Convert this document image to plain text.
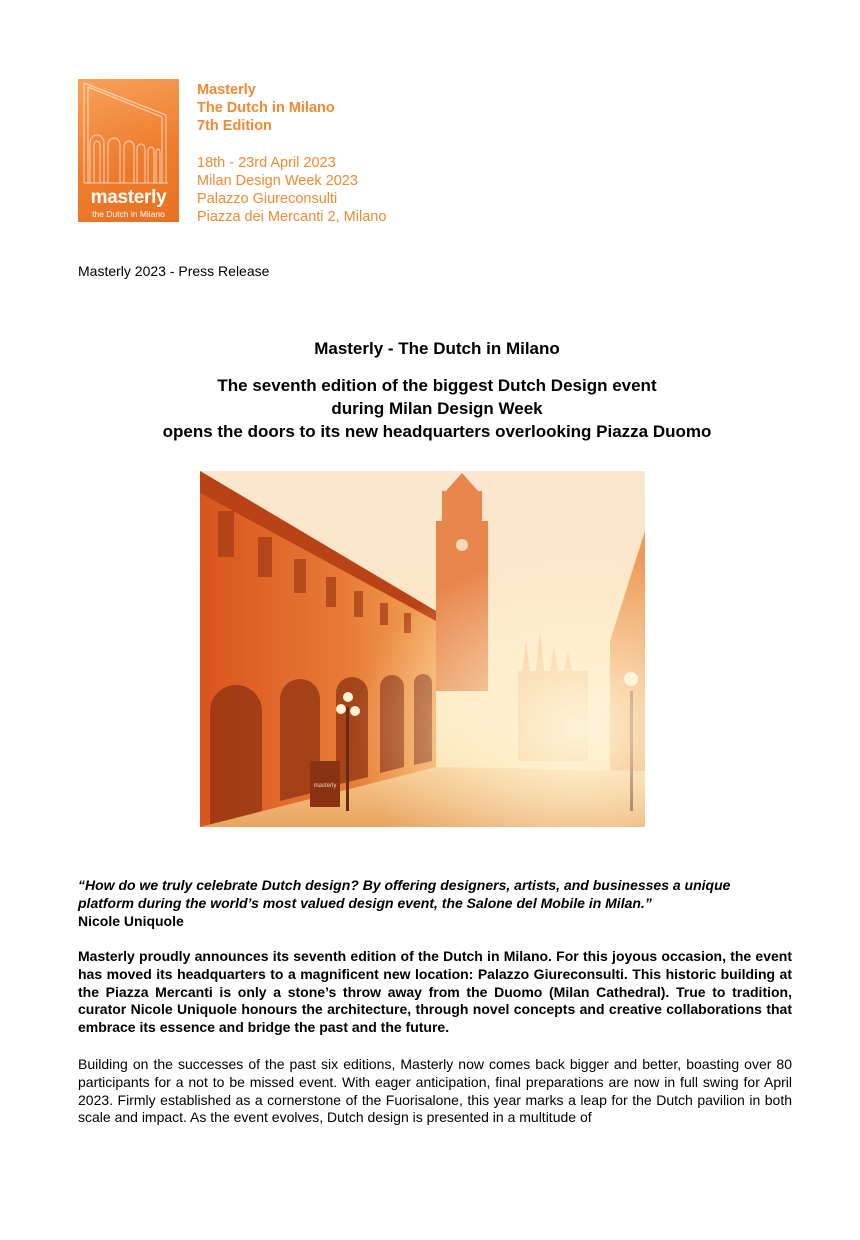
masterly
the Dutch in Milano
Masterly
The Dutch in Milano
7th Edition
18th - 23rd April 2023
Milan Design Week 2023
Palazzo Giureconsulti
Piazza dei Mercanti 2, Milano
Masterly 2023 - Press Release
Masterly - The Dutch in Milano
The seventh edition of the biggest Dutch Design event
during Milan Design Week
opens the doors to its new headquarters overlooking Piazza Duomo
“How do we truly celebrate Dutch design? By offering designers, artists, and businesses a unique platform during the world’s most valued design event, the Salone del Mobile in Milan.”
Nicole Uniquole
Masterly proudly announces its seventh edition of the Dutch in Milano. For this joyous occasion, the event has moved its headquarters to a magnificent new location: Palazzo Giureconsulti. This historic building at the Piazza Mercanti is only a stone’s throw away from the Duomo (Milan Cathedral). True to tradition, curator Nicole Uniquole honours the architecture, through novel concepts and creative collaborations that embrace its essence and bridge the past and the future.
Building on the successes of the past six editions, Masterly now comes back bigger and better, boasting over 80 participants for a not to be missed event. With eager anticipation, final preparations are now in full swing for April 2023. Firmly established as a cornerstone of the Fuorisalone, this year marks a leap for the Dutch pavilion in both scale and impact. As the event evolves, Dutch design is presented in a multitude of
